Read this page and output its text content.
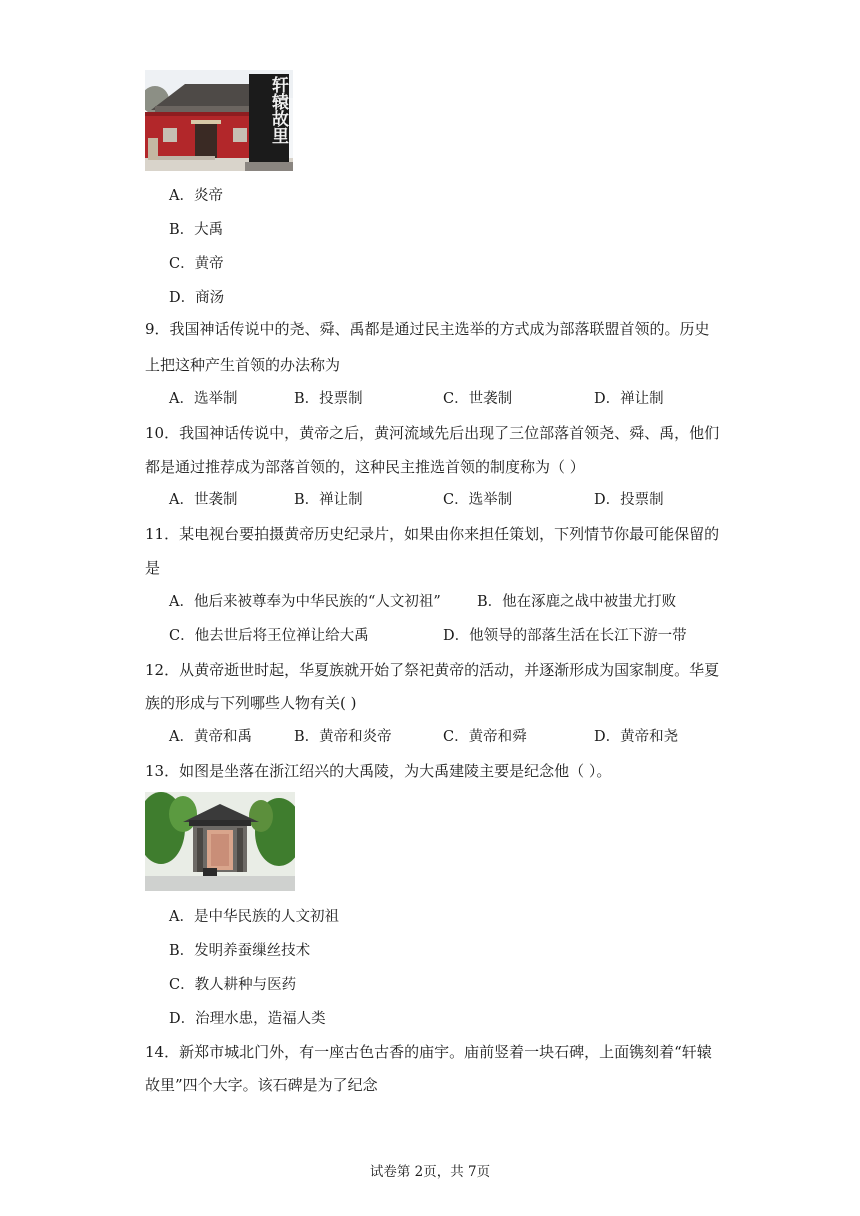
轩辕故里
A．炎帝
B．大禹
C．黄帝
D．商汤
9．我国神话传说中的尧、舜、禹都是通过民主选举的方式成为部落联盟首领的。历史
上把这种产生首领的办法称为
A．选举制	B．投票制	C．世袭制	D．禅让制
10．我国神话传说中，黄帝之后，黄河流域先后出现了三位部落首领尧、舜、禹，他们
都是通过推荐成为部落首领的，这种民主推选首领的制度称为（ ）
A．世袭制	B．禅让制	C．选举制	D．投票制
11．某电视台要拍摄黄帝历史纪录片，如果由你来担任策划，下列情节你最可能保留的
是
A．他后来被尊奉为中华民族的“人文初祖” B．他在涿鹿之战中被蚩尤打败
C．他去世后将王位禅让给大禹	D．他领导的部落生活在长江下游一带
12．从黄帝逝世时起，华夏族就开始了祭祀黄帝的活动，并逐渐形成为国家制度。华夏
族的形成与下列哪些人物有关( )
A．黄帝和禹	B．黄帝和炎帝	C．黄帝和舜	D．黄帝和尧
13．如图是坐落在浙江绍兴的大禹陵，为大禹建陵主要是纪念他（ ）。
A．是中华民族的人文初祖
B．发明养蚕缫丝技术
C．教人耕种与医药
D．治理水患，造福人类
14．新郑市城北门外，有一座古色古香的庙宇。庙前竖着一块石碑，上面镌刻着“轩辕
故里”四个大字。该石碑是为了纪念
试卷第 2页，共 7页
